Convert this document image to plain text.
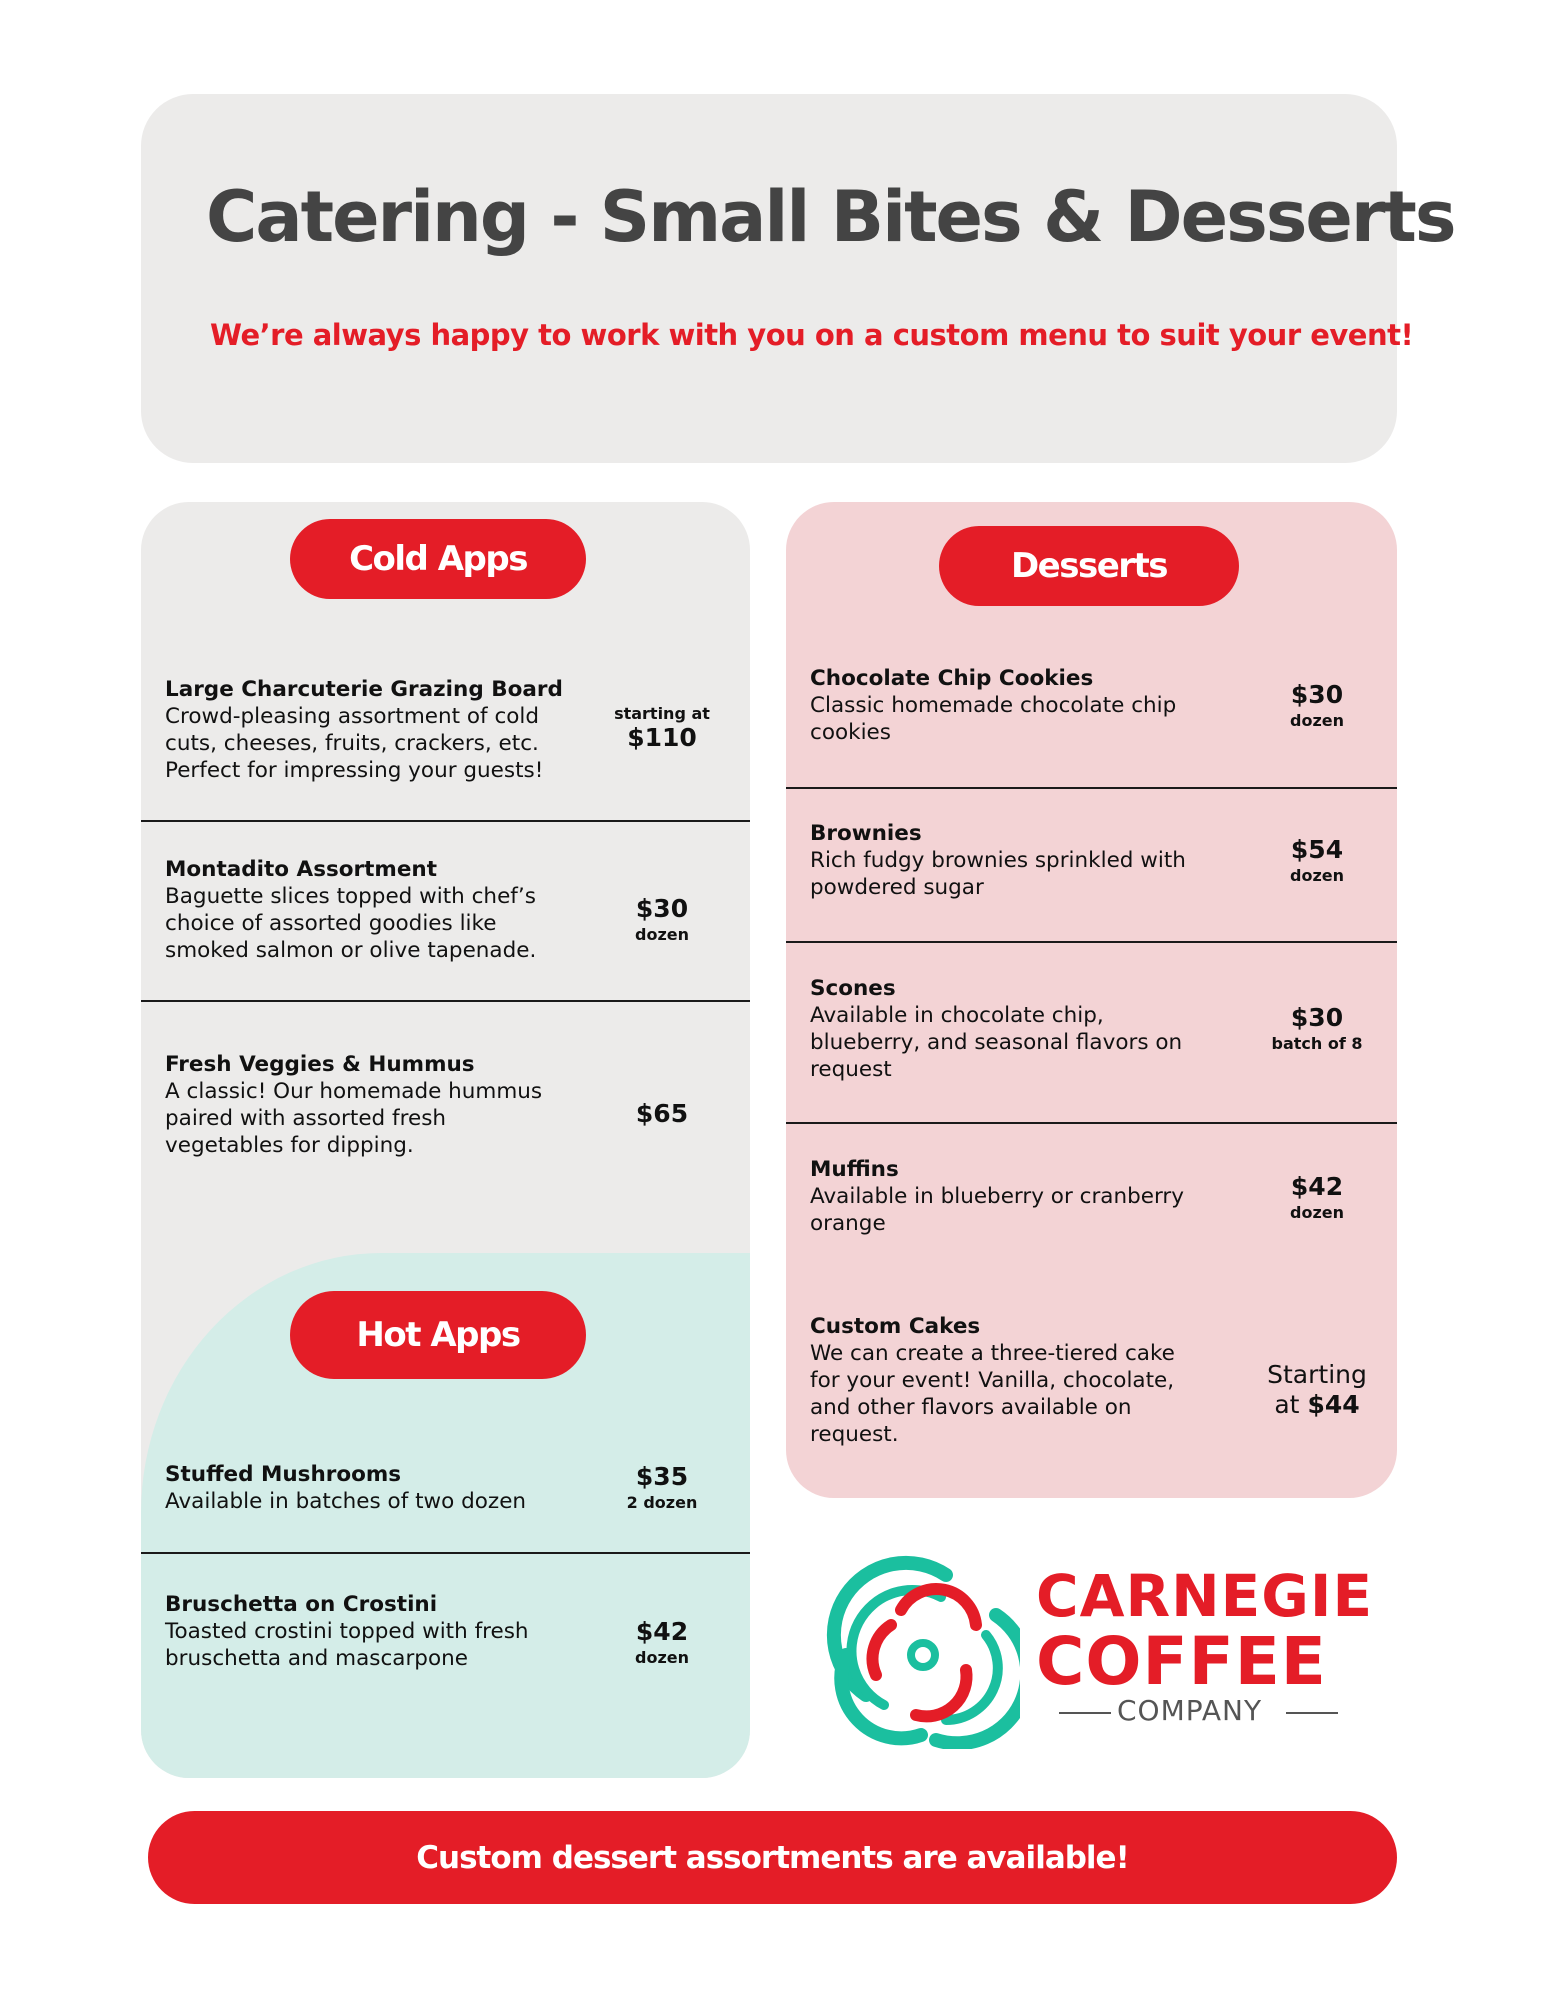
Catering - Small Bites & Desserts

We’re always happy to work with you on a custom menu to suit your event!

Cold Apps
Large Charcuterie Grazing Board
Crowd-pleasing assortment of cold cuts, cheeses, fruits, crackers, etc. Perfect for impressing your guests!
starting at
$110
Montadito Assortment
Baguette slices topped with chef’s choice of assorted goodies like smoked salmon or olive tapenade.
$30
dozen
Fresh Veggies & Hummus
A classic! Our homemade hummus paired with assorted fresh vegetables for dipping.
$65
Hot Apps
Stuffed Mushrooms
Available in batches of two dozen
$35
2 dozen
Bruschetta on Crostini
Toasted crostini topped with fresh bruschetta and mascarpone
$42
dozen
Desserts
Chocolate Chip Cookies
Classic homemade chocolate chip cookies
$30
dozen
Brownies
Rich fudgy brownies sprinkled with powdered sugar
$54
dozen
Scones
Available in chocolate chip, blueberry, and seasonal flavors on request
$30
batch of 8
Muffins
Available in blueberry or cranberry orange
$42
dozen
Custom Cakes
We can create a three-tiered cake for your event! Vanilla, chocolate, and other flavors available on request.
Starting
at $44
CARNEGIE
COFFEE
COMPANY
Custom dessert assortments are available!
